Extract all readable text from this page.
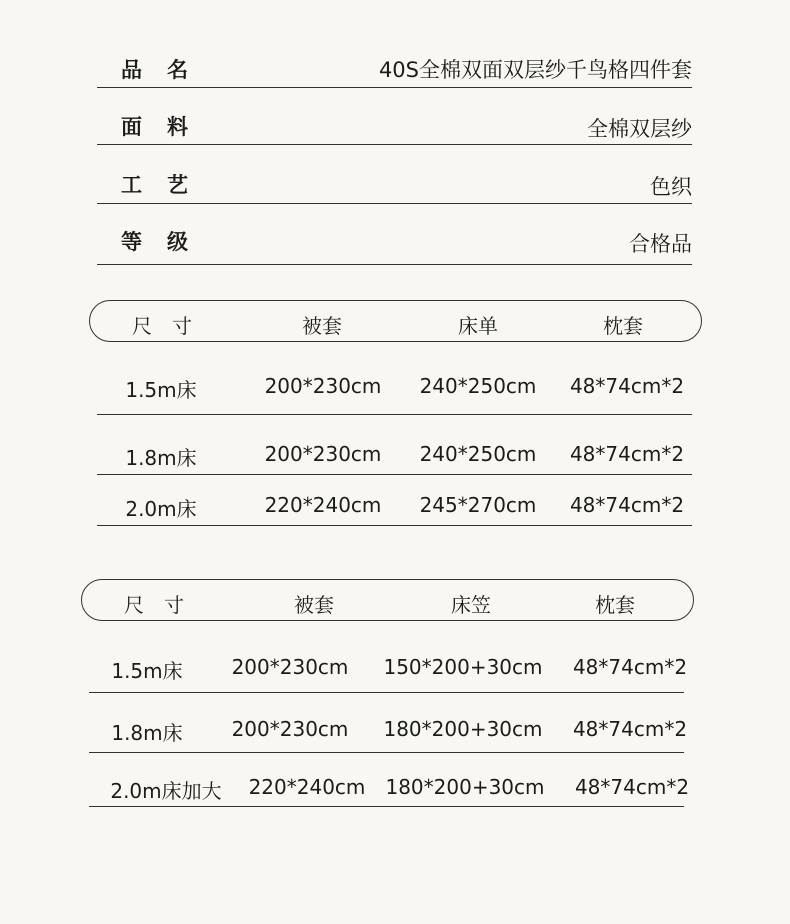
品　名	40S全棉双面双层纱千鸟格四件套
面　料	全棉双层纱
工　艺	色织
等　级	合格品
尺　寸	被套	床单	枕套
1.5m床	200*230cm 240*250cm 48*74cm*2
1.8m床	200*230cm 240*250cm 48*74cm*2
2.0m床	220*240cm 245*270cm 48*74cm*2
尺　寸	被套	床笠	枕套
1.5m床 200*230cm 150*200+30cm 48*74cm*2
1.8m床 200*230cm 180*200+30cm 48*74cm*2
2.0m床加大 220*240cm 180*200+30cm 48*74cm*2
